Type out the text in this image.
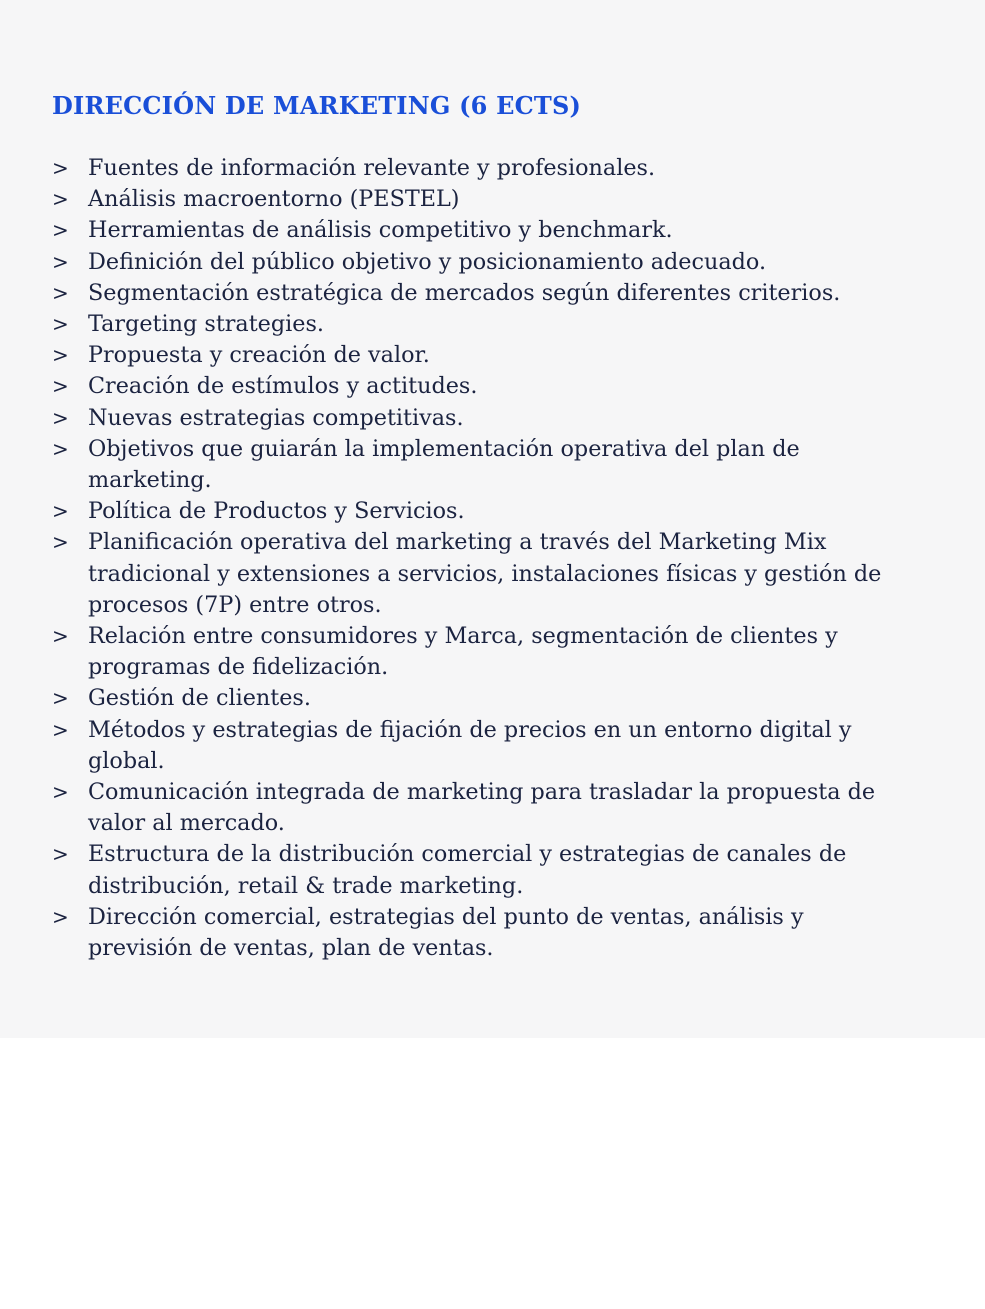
DIRECCIÓN DE MARKETING (6 ECTS)
> Fuentes de información relevante y profesionales.
> Análisis macroentorno (PESTEL)
> Herramientas de análisis competitivo y benchmark.
> Definición del público objetivo y posicionamiento adecuado.
> Segmentación estratégica de mercados según diferentes criterios.
> Targeting strategies.
> Propuesta y creación de valor.
> Creación de estímulos y actitudes.
> Nuevas estrategias competitivas.
> Objetivos que guiarán la implementación operativa del plan de
marketing.
> Política de Productos y Servicios.
> Planificación operativa del marketing a través del Marketing Mix
tradicional y extensiones a servicios, instalaciones físicas y gestión de
procesos (7P) entre otros.
> Relación entre consumidores y Marca, segmentación de clientes y
programas de fidelización.
> Gestión de clientes.
> Métodos y estrategias de fijación de precios en un entorno digital y
global.
> Comunicación integrada de marketing para trasladar la propuesta de
valor al mercado.
> Estructura de la distribución comercial y estrategias de canales de
distribución, retail & trade marketing.
> Dirección comercial, estrategias del punto de ventas, análisis y
previsión de ventas, plan de ventas.
